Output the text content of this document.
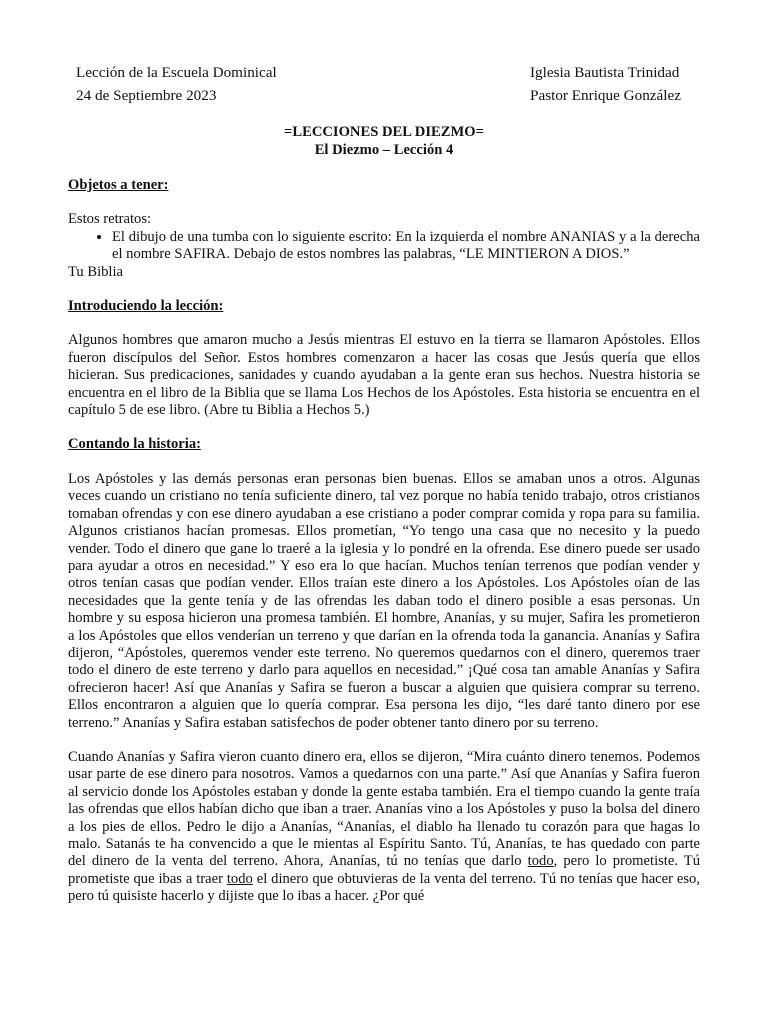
Lección de la Escuela Dominical
24 de Septiembre 2023
Iglesia Bautista Trinidad
Pastor Enrique González
=LECCIONES DEL DIEZMO=
El Diezmo – Lección 4

Objetos a tener:

Estos retratos:

• El dibujo de una tumba con lo siguiente escrito: En la izquierda el nombre ANANIAS y a la derecha el nombre SAFIRA. Debajo de estos nombres las palabras, “LE MINTIERON A DIOS.”

Tu Biblia

Introduciendo la lección:

Algunos hombres que amaron mucho a Jesús mientras El estuvo en la tierra se llamaron Apóstoles. Ellos fueron discípulos del Señor. Estos hombres comenzaron a hacer las cosas que Jesús quería que ellos hicieran. Sus predicaciones, sanidades y cuando ayudaban a la gente eran sus hechos. Nuestra historia se encuentra en el libro de la Biblia que se llama Los Hechos de los Apóstoles. Esta historia se encuentra en el capítulo 5 de ese libro. (Abre tu Biblia a Hechos 5.)

Contando la historia:

Los Apóstoles y las demás personas eran personas bien buenas. Ellos se amaban unos a otros. Algunas veces cuando un cristiano no tenía suficiente dinero, tal vez porque no había tenido trabajo, otros cristianos tomaban ofrendas y con ese dinero ayudaban a ese cristiano a poder comprar comida y ropa para su familia. Algunos cristianos hacían promesas. Ellos prometían, “Yo tengo una casa que no necesito y la puedo vender. Todo el dinero que gane lo traeré a la iglesia y lo pondré en la ofrenda. Ese dinero puede ser usado para ayudar a otros en necesidad.” Y eso era lo que hacían. Muchos tenían terrenos que podían vender y otros tenían casas que podían vender. Ellos traían este dinero a los Apóstoles. Los Apóstoles oían de las necesidades que la gente tenía y de las ofrendas les daban todo el dinero posible a esas personas. Un hombre y su esposa hicieron una promesa también. El hombre, Ananías, y su mujer, Safira les prometieron a los Apóstoles que ellos venderían un terreno y que darían en la ofrenda toda la ganancia. Ananías y Safira dijeron, “Apóstoles, queremos vender este terreno. No queremos quedarnos con el dinero, queremos traer todo el dinero de este terreno y darlo para aquellos en necesidad.” ¡Qué cosa tan amable Ananías y Safira ofrecieron hacer! Así que Ananías y Safira se fueron a buscar a alguien que quisiera comprar su terreno. Ellos encontraron a alguien que lo quería comprar. Esa persona les dijo, “les daré tanto dinero por ese terreno.” Ananías y Safira estaban satisfechos de poder obtener tanto dinero por su terreno.

Cuando Ananías y Safira vieron cuanto dinero era, ellos se dijeron, “Mira cuánto dinero tenemos. Podemos usar parte de ese dinero para nosotros. Vamos a quedarnos con una parte.” Así que Ananías y Safira fueron al servicio donde los Apóstoles estaban y donde la gente estaba también. Era el tiempo cuando la gente traía las ofrendas que ellos habían dicho que iban a traer. Ananías vino a los Apóstoles y puso la bolsa del dinero a los pies de ellos. Pedro le dijo a Ananías, “Ananías, el diablo ha llenado tu corazón para que hagas lo malo. Satanás te ha convencido a que le mientas al Espíritu Santo. Tú, Ananías, te has quedado con parte del dinero de la venta del terreno. Ahora, Ananías, tú no tenías que darlo todo, pero lo prometiste. Tú prometiste que ibas a traer todo el dinero que obtuvieras de la venta del terreno. Tú no tenías que hacer eso, pero tú quisiste hacerlo y dijiste que lo ibas a hacer. ¿Por qué
